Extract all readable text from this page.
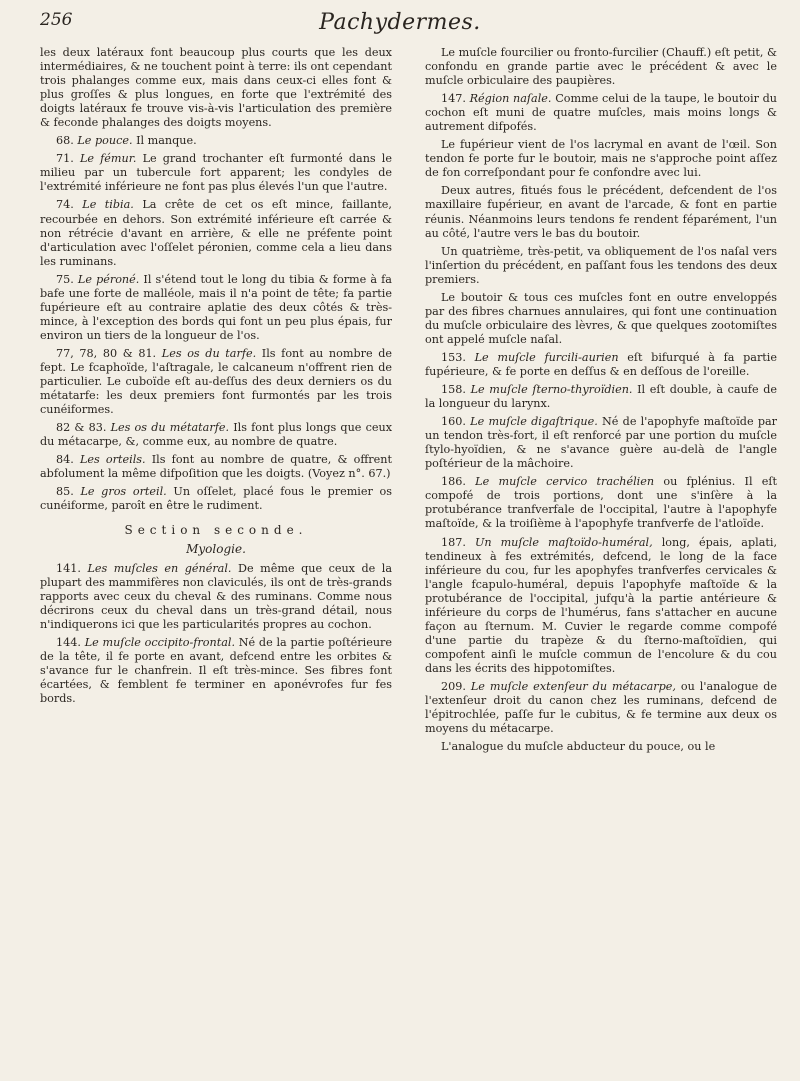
256	Pachydermes.

les deux latéraux font beaucoup plus courts que les deux intermédiaires, & ne touchent point à terre: ils ont cependant trois phalanges comme eux, mais dans ceux-ci elles font & plus groſſes & plus longues, en forte que l'extrémité des doigts latéraux fe trouve vis-à-vis l'articulation des première & feconde phalanges des doigts moyens.

68. Le pouce. Il manque.

71. Le fémur. Le grand trochanter eſt furmonté dans le milieu par un tubercule fort apparent; les condyles de l'extrémité inférieure ne font pas plus élevés l'un que l'autre.

74. Le tibia. La crête de cet os eſt mince, faillante, recourbée en dehors. Son extrémité inférieure eſt carrée & non rétrécie d'avant en arrière, & elle ne préfente point d'articulation avec l'oſſelet péronien, comme cela a lieu dans les ruminans.

75. Le péroné. Il s'étend tout le long du tibia & forme à fa bafe une forte de malléole, mais il n'a point de tête; fa partie fupérieure eſt au contraire aplatie des deux côtés & très-mince, à l'exception des bords qui font un peu plus épais, fur environ un tiers de la longueur de l'os.

77, 78, 80 & 81. Les os du tarfe. Ils font au nombre de fept. Le fcaphoïde, l'aſtragale, le calcaneum n'offrent rien de particulier. Le cuboïde eſt au-deſſus des deux derniers os du métatarfe: les deux premiers font furmontés par les trois cunéiformes.

82 & 83. Les os du métatarfe. Ils font plus longs que ceux du métacarpe, &, comme eux, au nombre de quatre.

84. Les orteils. Ils font au nombre de quatre, & offrent abfolument la même difpoſition que les doigts. (Voyez n°. 67.)

85. Le gros orteil. Un oſſelet, placé fous le premier os cunéiforme, paroît en être le rudiment.

Section seconde.
Myologie.

141. Les muſcles en général. De même que ceux de la plupart des mammifères non claviculés, ils ont de très-grands rapports avec ceux du cheval & des ruminans. Comme nous décrirons ceux du cheval dans un très-grand détail, nous n'indiquerons ici que les particularités propres au cochon.

144. Le muſcle occipito-frontal. Né de la partie poſtérieure de la tête, il fe porte en avant, defcend entre les orbites & s'avance fur le chanfrein. Il eſt très-mince. Ses fibres font écartées, & femblent fe terminer en aponévrofes fur fes bords.

Le muſcle fourcilier ou fronto-furcilier (Chauff.) eſt petit, & confondu en grande partie avec le précédent & avec le muſcle orbiculaire des paupières.

147. Région naſale. Comme celui de la taupe, le boutoir du cochon eſt muni de quatre muſcles, mais moins longs & autrement difpofés.

Le fupérieur vient de l'os lacrymal en avant de l'œil. Son tendon fe porte fur le boutoir, mais ne s'approche point aſſez de fon correſpondant pour fe confondre avec lui.

Deux autres, fitués fous le précédent, defcendent de l'os maxillaire fupérieur, en avant de l'arcade, & font en partie réunis. Néanmoins leurs tendons fe rendent féparément, l'un au côté, l'autre vers le bas du boutoir.

Un quatrième, très-petit, va obliquement de l'os naſal vers l'inſertion du précédent, en paſſant fous les tendons des deux premiers.

Le boutoir & tous ces muſcles font en outre enveloppés par des fibres charnues annulaires, qui font une continuation du muſcle orbiculaire des lèvres, & que quelques zootomiſtes ont appelé muſcle naſal.

153. Le muſcle furcili-aurien eſt bifurqué à fa partie fupérieure, & fe porte en deſſus & en deſſous de l'oreille.

158. Le muſcle ſterno-thyroïdien. Il eſt double, à caufe de la longueur du larynx.

160. Le muſcle digaſtrique. Né de l'apophyfe maſtoïde par un tendon très-fort, il eſt renforcé par une portion du muſcle ſtylo-hyoïdien, & ne s'avance guère au-delà de l'angle poſtérieur de la mâchoire.

186. Le muſcle cervico trachélien ou fplénius. Il eſt compofé de trois portions, dont une s'inſère à la protubérance tranfverfale de l'occipital, l'autre à l'apophyfe maſtoïde, & la troiſième à l'apophyfe tranfverfe de l'atloïde.

187. Un muſcle maſtoïdo-huméral, long, épais, aplati, tendineux à fes extrémités, defcend, le long de la face inférieure du cou, fur les apophyfes tranfverfes cervicales & l'angle fcapulo-huméral, depuis l'apophyfe maſtoïde & la protubérance de l'occipital, jufqu'à la partie antérieure & inférieure du corps de l'humérus, fans s'attacher en aucune façon au ſternum. M. Cuvier le regarde comme compofé d'une partie du trapèze & du ſterno-maſtoïdien, qui compofent ainſi le muſcle commun de l'encolure & du cou dans les écrits des hippotomiſtes.

209. Le muſcle extenſeur du métacarpe, ou l'analogue de l'extenſeur droit du canon chez les ruminans, defcend de l'épitrochlée, paſſe fur le cubitus, & fe termine aux deux os moyens du métacarpe.

L'analogue du muſcle abducteur du pouce, ou le
